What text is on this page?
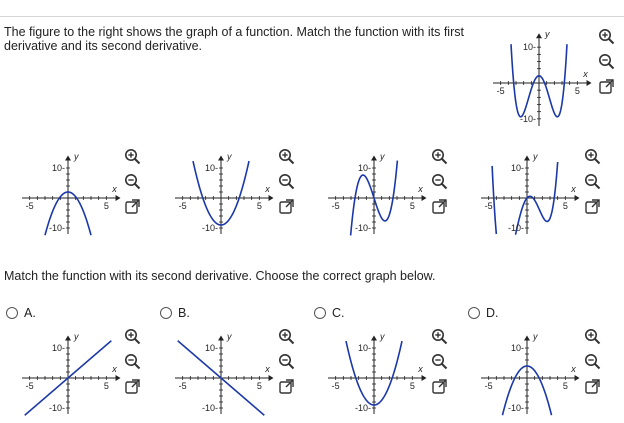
The figure to the right shows the graph of a function. Match the function with its first derivative and its second derivative.
Match the function with its second derivative. Choose the correct graph below.
y
x
10-
-10-
-5	5
y
x
10-
-10-
-5	5
y
x
10-
-10-
-5	5
y
x
10-
-10-
-5	5
y
x
10-
-10-
-5	5
y
x
10-
-10-
-5	5
y
x
10-
-10-
-5	5
y
x
10-
-10-
-5	5
y
x
10-
-10-
-5	5
A.	B.	C.	D.
